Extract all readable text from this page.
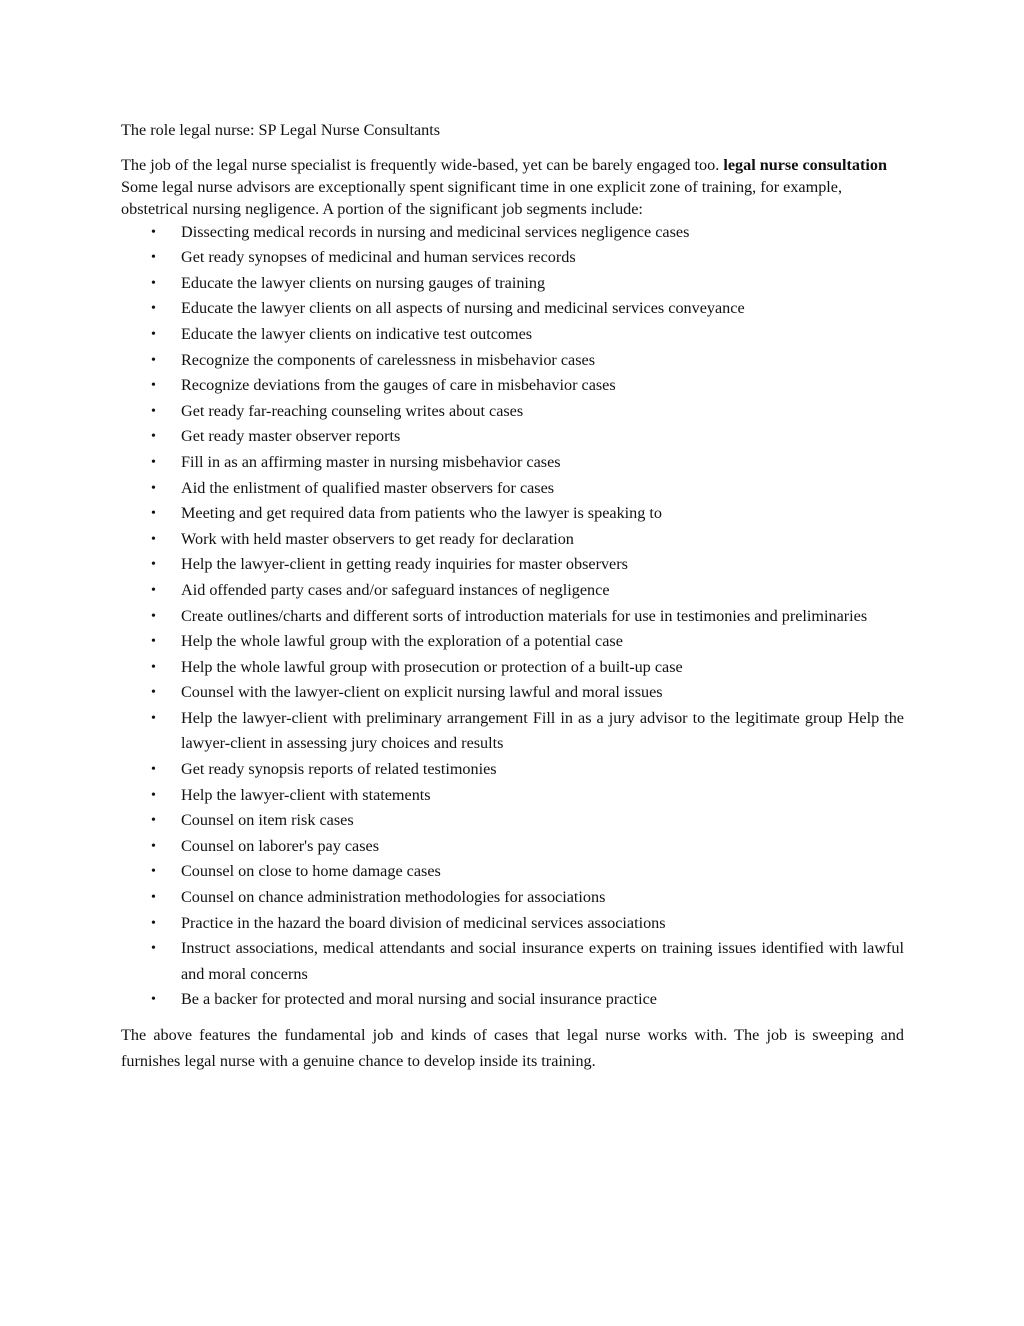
The role legal nurse: SP Legal Nurse Consultants

The job of the legal nurse specialist is frequently wide-based, yet can be barely engaged too. legal nurse consultation Some legal nurse advisors are exceptionally spent significant time in one explicit zone of training, for example, obstetrical nursing negligence. A portion of the significant job segments include:

• Dissecting medical records in nursing and medicinal services negligence cases
• Get ready synopses of medicinal and human services records
• Educate the lawyer clients on nursing gauges of training
• Educate the lawyer clients on all aspects of nursing and medicinal services conveyance
• Educate the lawyer clients on indicative test outcomes
• Recognize the components of carelessness in misbehavior cases
• Recognize deviations from the gauges of care in misbehavior cases
• Get ready far-reaching counseling writes about cases
• Get ready master observer reports
• Fill in as an affirming master in nursing misbehavior cases
• Aid the enlistment of qualified master observers for cases
• Meeting and get required data from patients who the lawyer is speaking to
• Work with held master observers to get ready for declaration
• Help the lawyer-client in getting ready inquiries for master observers
• Aid offended party cases and/or safeguard instances of negligence
• Create outlines/charts and different sorts of introduction materials for use in testimonies and preliminaries
• Help the whole lawful group with the exploration of a potential case
• Help the whole lawful group with prosecution or protection of a built-up case
• Counsel with the lawyer-client on explicit nursing lawful and moral issues
• Help the lawyer-client with preliminary arrangement Fill in as a jury advisor to the legitimate group Help the lawyer-client in assessing jury choices and results
• Get ready synopsis reports of related testimonies
• Help the lawyer-client with statements
• Counsel on item risk cases
• Counsel on laborer's pay cases
• Counsel on close to home damage cases
• Counsel on chance administration methodologies for associations
• Practice in the hazard the board division of medicinal services associations
• Instruct associations, medical attendants and social insurance experts on training issues identified with lawful and moral concerns
• Be a backer for protected and moral nursing and social insurance practice

The above features the fundamental job and kinds of cases that legal nurse works with. The job is sweeping and furnishes legal nurse with a genuine chance to develop inside its training.
